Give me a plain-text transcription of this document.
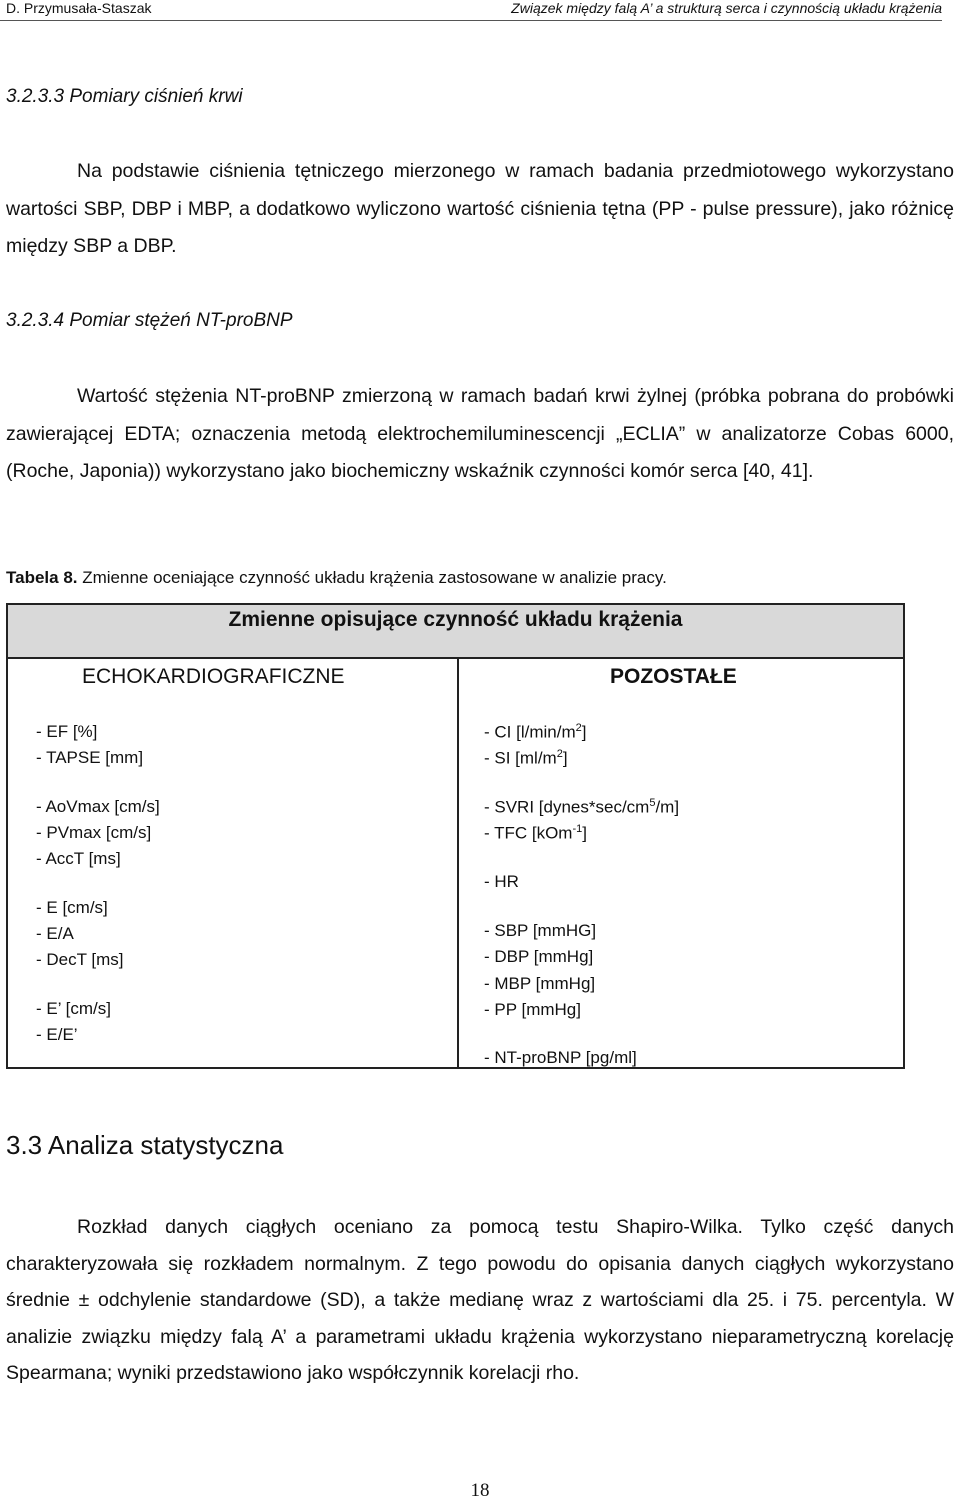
D. Przymusała-Staszak	Związek między falą A’ a strukturą serca i czynnością układu krążenia
3.2.3.3 Pomiary ciśnień krwi

Na podstawie ciśnienia tętniczego mierzonego w ramach badania przedmiotowego wykorzystano wartości SBP, DBP i MBP, a dodatkowo wyliczono wartość ciśnienia tętna (PP - pulse pressure), jako różnicę między SBP a DBP.

3.2.3.4 Pomiar stężeń NT-proBNP

Wartość stężenia NT-proBNP zmierzoną w ramach badań krwi żylnej (próbka pobrana do probówki zawierającej EDTA; oznaczenia metodą elektrochemiluminescencji „ECLIA” w analizatorze Cobas 6000, (Roche, Japonia)) wykorzystano jako biochemiczny wskaźnik czynności komór serca [40, 41].

Tabela 8. Zmienne oceniające czynność układu krążenia zastosowane w analizie pracy.
Zmienne opisujące czynność układu krążenia
ECHOKARDIOGRAFICZNE	POZOSTAŁE
- EF [%]
- TAPSE [mm]
- AoVmax [cm/s]
- PVmax [cm/s]
- AccT [ms]
- E [cm/s]
- E/A
- DecT [ms]
- E’ [cm/s]
- E/E’
- CI $[l/\min/m^2]$
- SI $[ml/m^2]$
- SVRI $[dynes*\sec/cm^5/m]$
- TFC [kOm$^{-1}$]
- HR
- SBP [mmHG]
- DBP [mmHg]
- MBP [mmHg]
- PP [mmHg]
- NT-proBNP [pg/ml]
3.3 Analiza statystyczna

Rozkład danych ciągłych oceniano za pomocą testu Shapiro-Wilka. Tylko część danych charakteryzowała się rozkładem normalnym. Z tego powodu do opisania danych ciągłych wykorzystano średnie ± odchylenie standardowe (SD), a także medianę wraz z wartościami dla 25. i 75. percentyla. W analizie związku między falą A’ a parametrami układu krążenia wykorzystano nieparametryczną korelację Spearmana; wyniki przedstawiono jako współczynnik korelacji rho.

18
